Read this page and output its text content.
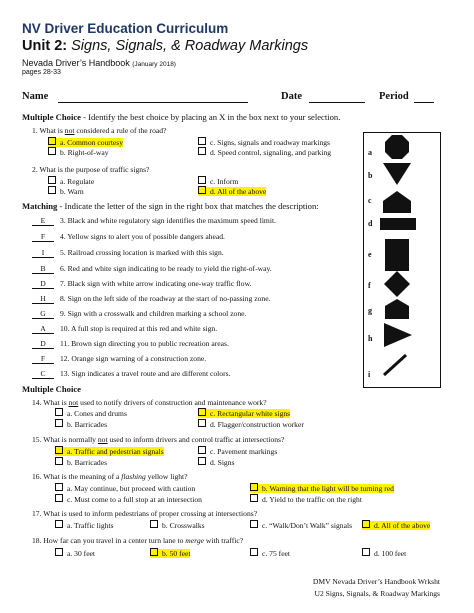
NV Driver Education Curriculum
Unit 2: Signs, Signals, & Roadway Markings
Nevada Driver’s Handbook (January 2018)
pages 28-33
Name	Date	Period
Multiple Choice - Identify the best choice by placing an X in the box next to your selection.
1. What is not considered a rule of the road?
a. Common courtesy
b. Right-of-way
c. Signs, signals and roadway markings
d. Speed control, signaling, and parking
2. What is the purpose of traffic signs?
a. Regulate
b. Warn
c. Inform
d. All of the above
Matching - Indicate the letter of the sign in the right box that matches the description:
E 3. Black and white regulatory sign identifies the maximum speed limit.
F 4. Yellow signs to alert you of possible dangers ahead.
I 5. Railroad crossing location is marked with this sign.
B 6. Red and white sign indicating to be ready to yield the right-of-way.
D 7. Black sign with white arrow indicating one-way traffic flow.
H 8. Sign on the left side of the roadway at the start of no-passing zone.
G 9. Sign with a crosswalk and children marking a school zone.
A 10. A full stop is required at this red and white sign.
D 11. Brown sign directing you to public recreation areas.
F 12. Orange sign warning of a construction zone.
C 13. Sign indicates a travel route and are different colors.
a
b
c
d
e
f
g
h
i
Multiple Choice
14. What is not used to notify drivers of construction and maintenance work?
a. Cones and drums
b. Barricades
c. Rectangular white signs
d. Flagger/construction worker
15. What is normally not used to inform drivers and control traffic at intersections?
a. Traffic and pedestrian signals
b. Barricades
c. Pavement markings
d. Signs
16. What is the meaning of a flashing yellow light?
a. May continue, but proceed with caution
c. Must come to a full stop at an intersection
b. Warning that the light will be turning red
d. Yield to the traffic on the right
17. What is used to inform pedestrians of proper crossing at intersections?
a. Traffic lights	b. Crosswalks	c. “Walk/Don’t Walk” signals	d. All of the above
18. How far can you travel in a center turn lane to merge with traffic?
a. 30 feet	b. 50 feet	c. 75 feet	d. 100 feet
DMV Nevada Driver’s Handbook Wrksht
U2 Signs, Signals, & Roadway Markings
